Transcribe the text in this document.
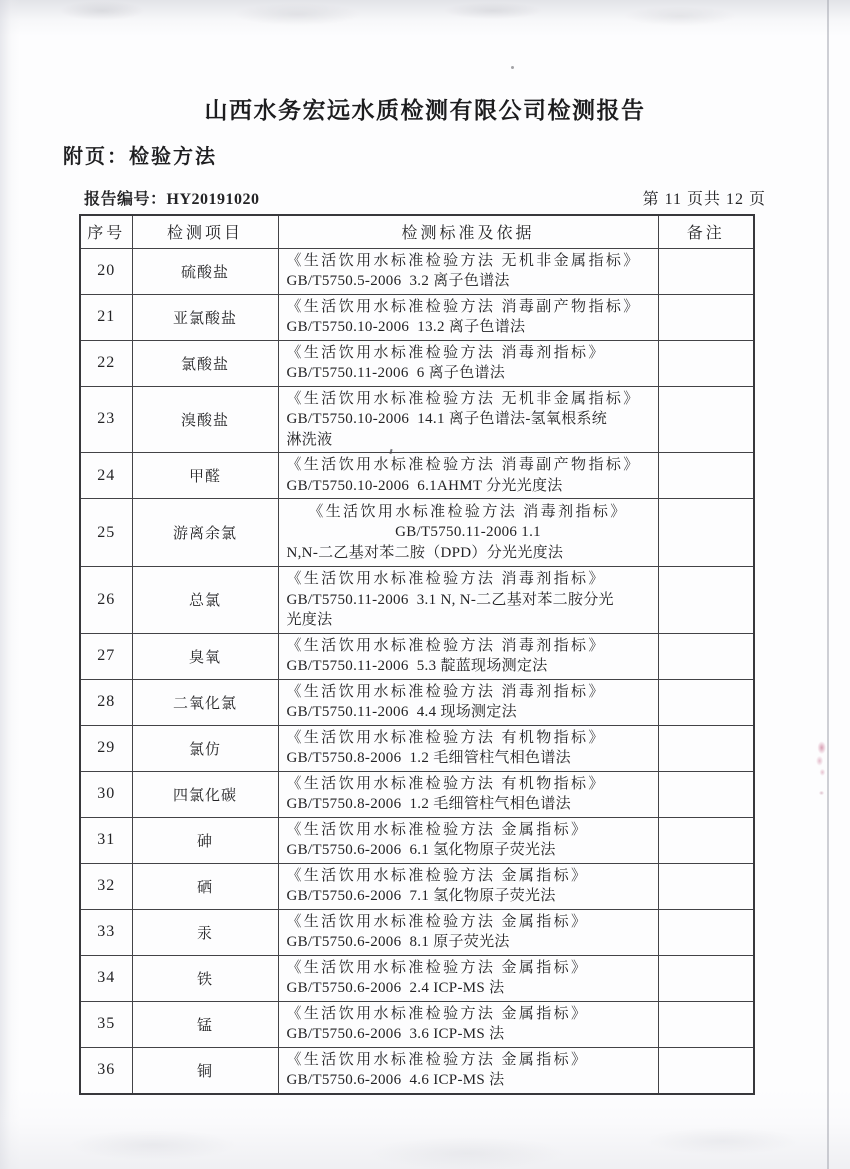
山西水务宏远水质检测有限公司检测报告
附页：检验方法
报告编号：HY20191020	第 11 页共 12 页
序号	检测项目	检测标准及依据	备注
20	硫酸盐	《生活饮用水标准检验方法 无机非金属指标》
GB/T5750.5-2006  3.2 离子色谱法	

21	亚氯酸盐	《生活饮用水标准检验方法 消毒副产物指标》
GB/T5750.10-2006  13.2 离子色谱法	

22	氯酸盐	《生活饮用水标准检验方法 消毒剂指标》
GB/T5750.11-2006  6 离子色谱法	

23	溴酸盐	《生活饮用水标准检验方法 无机非金属指标》
GB/T5750.10-2006  14.1 离子色谱法-氢氧根系统
淋洗液	

24	甲醛	《生活饮用水标准检验方法 消毒副产物指标》
GB/T5750.10-2006  6.1AHMT 分光光度法	

25	游离余氯	《生活饮用水标准检验方法 消毒剂指标》
GB/T5750.11-2006 1.1
N,N-二乙基对苯二胺（DPD）分光光度法	

26	总氯	《生活饮用水标准检验方法 消毒剂指标》
GB/T5750.11-2006  3.1 N, N-二乙基对苯二胺分光
光度法	

27	臭氧	《生活饮用水标准检验方法 消毒剂指标》
GB/T5750.11-2006  5.3 靛蓝现场测定法	

28	二氧化氯	《生活饮用水标准检验方法 消毒剂指标》
GB/T5750.11-2006  4.4 现场测定法	

29	氯仿	《生活饮用水标准检验方法 有机物指标》
GB/T5750.8-2006  1.2 毛细管柱气相色谱法	

30	四氯化碳	《生活饮用水标准检验方法 有机物指标》
GB/T5750.8-2006  1.2 毛细管柱气相色谱法	

31	砷	《生活饮用水标准检验方法 金属指标》
GB/T5750.6-2006  6.1 氢化物原子荧光法	

32	硒	《生活饮用水标准检验方法 金属指标》
GB/T5750.6-2006  7.1 氢化物原子荧光法	

33	汞	《生活饮用水标准检验方法 金属指标》
GB/T5750.6-2006  8.1 原子荧光法	

34	铁	《生活饮用水标准检验方法 金属指标》
GB/T5750.6-2006  2.4 ICP-MS 法	

35	锰	《生活饮用水标准检验方法 金属指标》
GB/T5750.6-2006  3.6 ICP-MS 法	

36	铜	《生活饮用水标准检验方法 金属指标》
GB/T5750.6-2006  4.6 ICP-MS 法	
